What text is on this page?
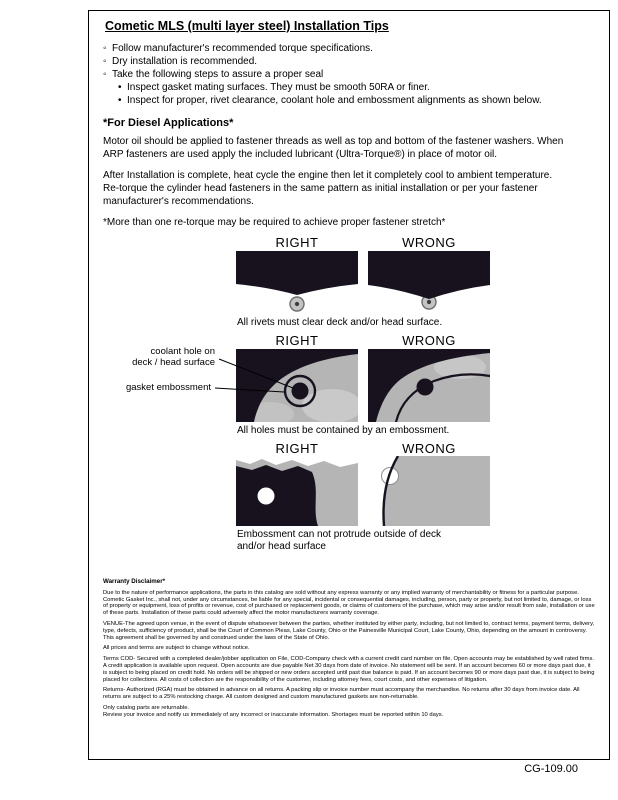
Cometic MLS (multi layer steel) Installation Tips
◦
Follow manufacturer's recommended torque specifications.
◦
Dry installation is recommended.
◦
Take the following steps to assure a proper seal
•
Inspect gasket mating surfaces. They must be smooth 50RA or finer.
•
Inspect for proper, rivet clearance, coolant hole and embossment alignments as shown below.
*For Diesel Applications*

Motor oil should be applied to fastener threads as well as top and bottom of the fastener washers. When ARP fasteners are used apply the included lubricant (Ultra-Torque®) in place of motor oil.

After Installation is complete, heat cycle the engine then let it completely cool to ambient temperature. Re-torque the cylinder head fasteners in the same pattern as initial installation or per your fastener manufacturer's recommendations.

*More than one re-torque may be required to achieve proper fastener stretch*

RIGHT	WRONG
All rivets must clear deck and/or head surface.
RIGHT	WRONG
coolant hole on
deck / head surface
gasket embossment
All holes must be contained by an embossment.
RIGHT	WRONG
Embossment can not protrude outside of deck and/or head surface
Warranty Disclaimer*

Due to the nature of performance applications, the parts in this catalog are sold without any express warranty or any implied warranty of merchantability or fitness for a particular purpose. Cometic Gasket Inc., shall not, under any circumstances, be liable for any special, incidental or consequential damages, including, person, party or property, but not limited to, damage, or loss of property or equipment, loss of profits or revenue, cost of purchased or replacement goods, or claims of customers of the purchase, which may arise and/or result from sale, installation or use of these parts. Installation of these parts could adversely affect the motor manufacturers warranty coverage.

VENUE-The agreed upon venue, in the event of dispute whatsoever between the parties, whether instituted by either party, including, but not limited to, contract terms, payment terms, delivery, type, defects, sufficiency of product, shall be the Court of Common Pleas, Lake County, Ohio or the Painesville Municipal Court, Lake County, Ohio, depending on the amount in controversy. This agreement shall be governed by and construed under the laws of the State of Ohio.

All prices and terms are subject to change without notice.

Terms COD- Secured with a completed dealer/jobber application on File, COD-Company check with a current credit card number on file. Open accounts may be established by well rated firms. A credit application is available upon request. Open accounts are due payable Net 30 days from date of invoice. No statement will be sent. If an account becomes 60 or more days past due, it is subject to being placed on credit hold. No orders will be shipped or new orders accepted until past due balance is paid. If an account becomes 90 or more days past due, it is subject to being placed for collections. All costs of collection are the responsibility of the customer, including attorney fees, court costs, and other expenses of litigation.

Returns- Authorized (RGA) must be obtained in advance on all returns. A packing slip or invoice number must accompany the merchandise. No returns after 30 days from invoice date. All returns are subject to a 25% restocking charge. All custom designed and custom manufactured gaskets are non-returnable.

Only catalog parts are returnable.

Review your invoice and notify us immediately of any incorrect or inaccurate information. Shortages must be reported within 10 days.

CG-109.00
